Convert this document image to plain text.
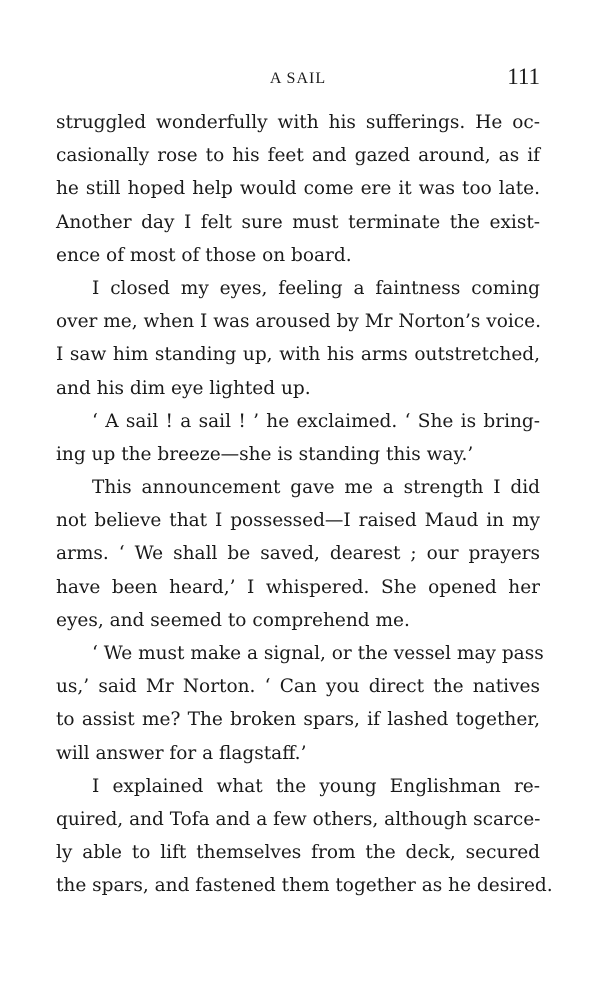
A SAIL	111
struggled wonderfully with his sufferings. He oc-
casionally rose to his feet and gazed around, as if
he still hoped help would come ere it was too late.
Another day I felt sure must terminate the exist-
ence of most of those on board.
I closed my eyes, feeling a faintness coming
over me, when I was aroused by Mr Norton’s voice.
I saw him standing up, with his arms outstretched,
and his dim eye lighted up.
‘ A sail ! a sail ! ’ he exclaimed. ‘ She is bring-
ing up the breeze—she is standing this way.’
This announcement gave me a strength I did
not believe that I possessed—I raised Maud in my
arms. ‘ We shall be saved, dearest ; our prayers
have been heard,’ I whispered. She opened her
eyes, and seemed to comprehend me.
‘ We must make a signal, or the vessel may pass
us,’ said Mr Norton. ‘ Can you direct the natives
to assist me? The broken spars, if lashed together,
will answer for a flagstaff.’
I explained what the young Englishman re-
quired, and Tofa and a few others, although scarce-
ly able to lift themselves from the deck, secured
the spars, and fastened them together as he desired.
